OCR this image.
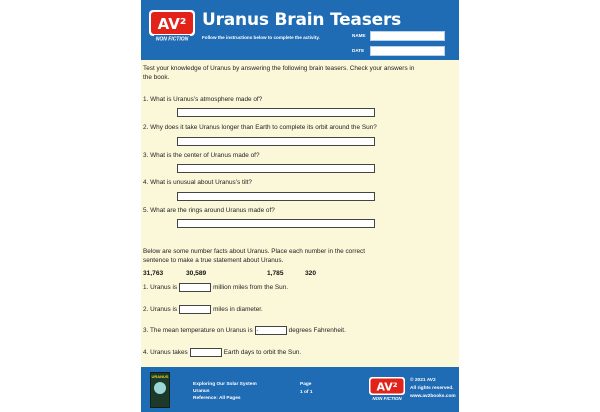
AV²
NON FICTION
Uranus Brain Teasers
Follow the instructions below to complete the activity.	NAME
DATE
Test your knowledge of Uranus by answering the following brain teasers. Check your answers in the book.
1. What is Uranus’s atmosphere made of?
2. Why does it take Uranus longer than Earth to complete its orbit around the Sun?
3. What is the center of Uranus made of?
4. What is unusual about Uranus’s tilt?
5. What are the rings around Uranus made of?
Below are some number facts about Uranus. Place each number in the correct sentence to make a true statement about Uranus.
31,763	30,589	1,785	320
1. Uranus is	million miles from the Sun.
2. Uranus is	miles in diameter.
3. The mean temperature on Uranus is -	degrees Fahrenheit.
4. Uranus takes	Earth days to orbit the Sun.
URANUS
Exploring Our Solar System
Uranus
Reference: All Pages
Page
1 of 1	AV²
NON FICTION
© 2021 AV2
All rights reserved.
www.av2books.com
